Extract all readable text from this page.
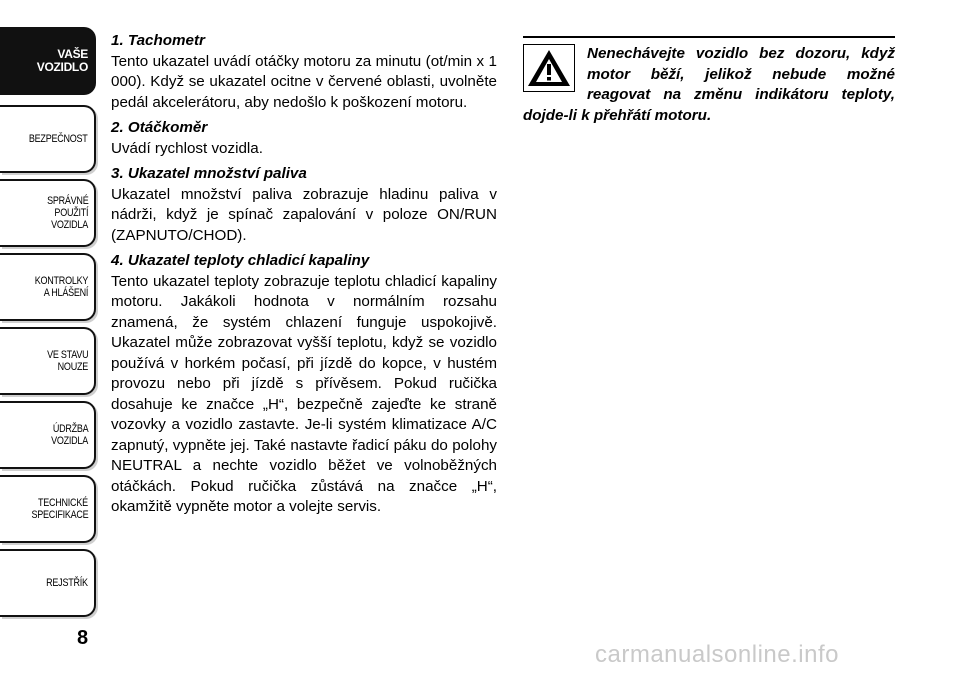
VAŠE
VOZIDLO
BEZPEČNOST
SPRÁVNÉ
POUŽITÍ
VOZIDLA
KONTROLKY
A HLÁŠENÍ
VE STAVU
NOUZE
ÚDRŽBA
VOZIDLA
TECHNICKÉ
SPECIFIKACE
REJSTŘÍK
8
1. Tachometr
Tento ukazatel uvádí otáčky motoru za minutu (ot/min x 1 000). Když se ukazatel ocitne v červené oblasti, uvolněte pedál akcelerátoru, aby nedošlo k poškození motoru.
2. Otáčkoměr
Uvádí rychlost vozidla.
3. Ukazatel množství paliva
Ukazatel množství paliva zobrazuje hladinu paliva v nádrži, když je spínač zapalování v poloze ON/RUN (ZAPNUTO/CHOD).
4. Ukazatel teploty chladicí kapaliny
Tento ukazatel teploty zobrazuje teplotu chladicí kapaliny motoru. Jakákoli hodnota v normálním rozsahu znamená, že systém chlazení funguje uspokojivě. Ukazatel může zobrazovat vyšší teplotu, když se vozidlo používá v horkém počasí, při jízdě do kopce, v hustém provozu nebo při jízdě s přívěsem. Pokud ručička dosahuje ke značce „H“, bezpečně zajeďte ke straně vozovky a vozidlo zastavte. Je-li systém klimatizace A/C zapnutý, vypněte jej. Také nastavte řadicí páku do polohy NEUTRAL a nechte vozidlo běžet ve volnoběžných otáčkách. Pokud ručička zůstává na značce „H“, okamžitě vypněte motor a volejte servis.
Nenechávejte vozidlo bez dozoru, když motor běží, jelikož nebude možné reagovat na změnu indikátoru teploty, dojde-li k přehřátí motoru.
carmanualsonline.info
